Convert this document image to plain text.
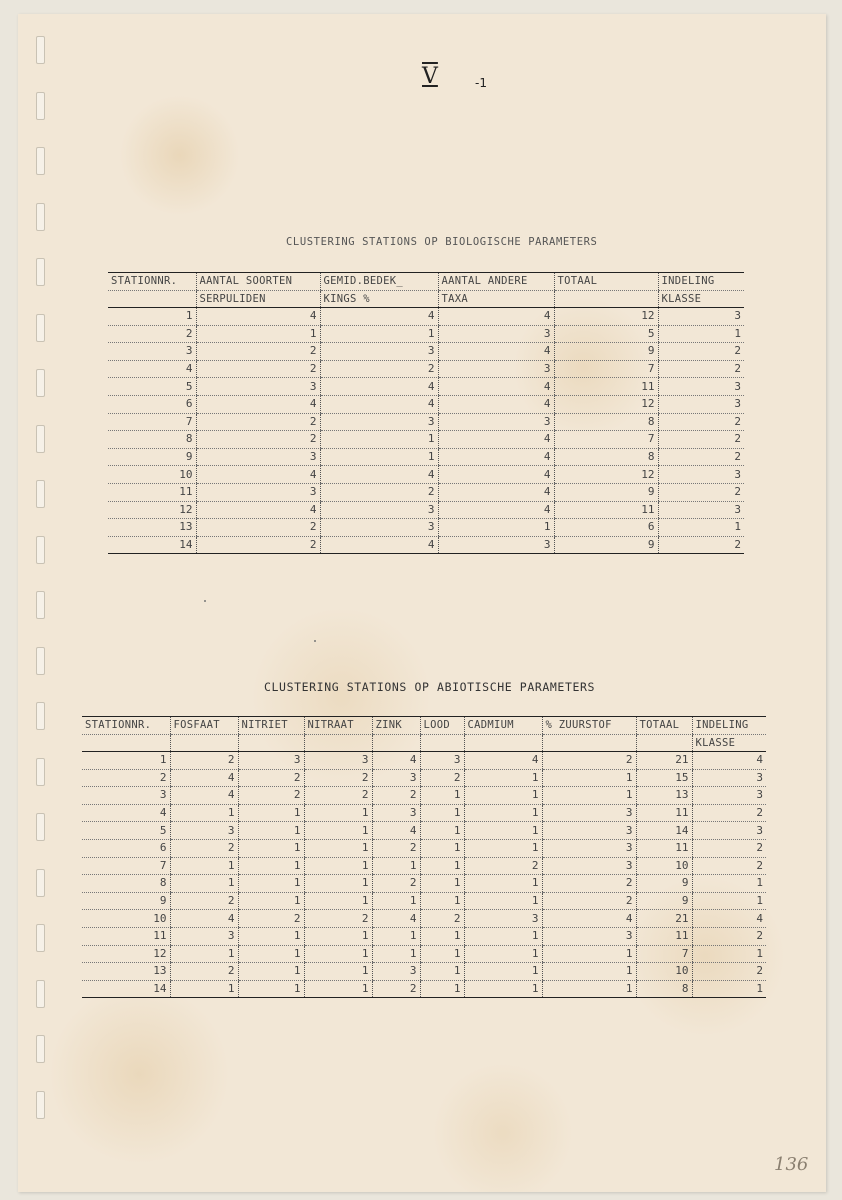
V	-1
CLUSTERING STATIONS OP BIOLOGISCHE PARAMETERS
CLUSTERING STATIONS OP ABIOTISCHE PARAMETERS
136
STATIONNR.	AANTAL SOORTEN	GEMID.BEDEK_	AANTAL ANDERE	TOTAAL	INDELING
	SERPULIDEN	KINGS %	TAXA		KLASSE
1	4	4	4	12	3
2	1	1	3	5	1
3	2	3	4	9	2
4	2	2	3	7	2
5	3	4	4	11	3
6	4	4	4	12	3
7	2	3	3	8	2
8	2	1	4	7	2
9	3	1	4	8	2
10	4	4	4	12	3
11	3	2	4	9	2
12	4	3	4	11	3
13	2	3	1	6	1
14	2	4	3	9	2
STATIONNR.	FOSFAAT	NITRIET	NITRAAT	ZINK	LOOD	CADMIUM	% ZUURSTOF	TOTAAL	INDELING
									KLASSE
1	2	3	3	4	3	4	2	21	4
2	4	2	2	3	2	1	1	15	3
3	4	2	2	2	1	1	1	13	3
4	1	1	1	3	1	1	3	11	2
5	3	1	1	4	1	1	3	14	3
6	2	1	1	2	1	1	3	11	2
7	1	1	1	1	1	2	3	10	2
8	1	1	1	2	1	1	2	9	1
9	2	1	1	1	1	1	2	9	1
10	4	2	2	4	2	3	4	21	4
11	3	1	1	1	1	1	3	11	2
12	1	1	1	1	1	1	1	7	1
13	2	1	1	3	1	1	1	10	2
14	1	1	1	2	1	1	1	8	1
